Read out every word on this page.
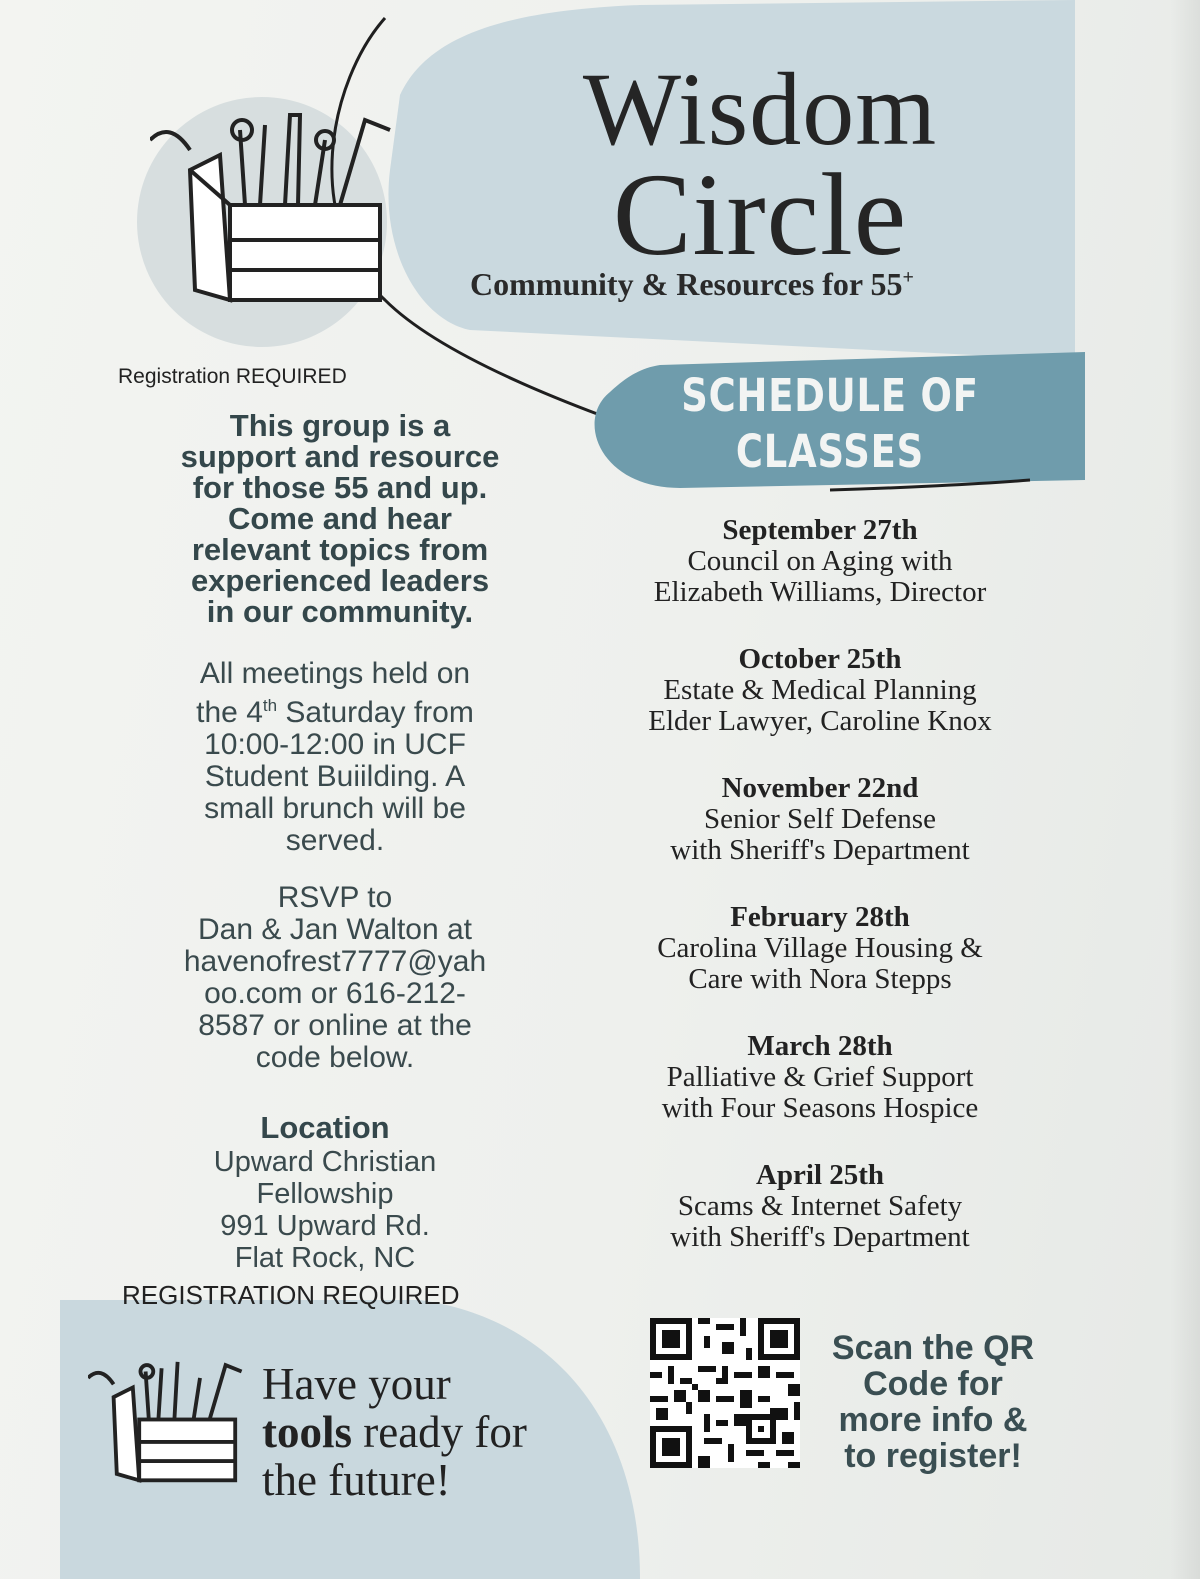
Wisdom
Circle
Community & Resources for 55+
Registration REQUIRED	SCHEDULE OF
CLASSES
This group is a
support and resource
for those 55 and up.
Come and hear
relevant topics from
experienced leaders
in our community.
All meetings held on
the 4th Saturday from
10:00-12:00 in UCF
Student Buiilding. A
small brunch will be
served.
RSVP to
Dan & Jan Walton at
havenofrest7777@yah
oo.com or 616-212-
8587 or online at the
code below.
Location
Upward Christian
Fellowship
991 Upward Rd.
Flat Rock, NC
REGISTRATION REQUIRED
September 27th
Council on Aging with
Elizabeth Williams, Director
October 25th
Estate & Medical Planning
Elder Lawyer, Caroline Knox
November 22nd
Senior Self Defense
with Sheriff's Department
February 28th
Carolina Village Housing &
Care with Nora Stepps
March 28th
Palliative & Grief Support
with Four Seasons Hospice
April 25th
Scams & Internet Safety
with Sheriff's Department
Have your
tools ready for
the future!
Scan the QR
Code for
more info &
to register!
